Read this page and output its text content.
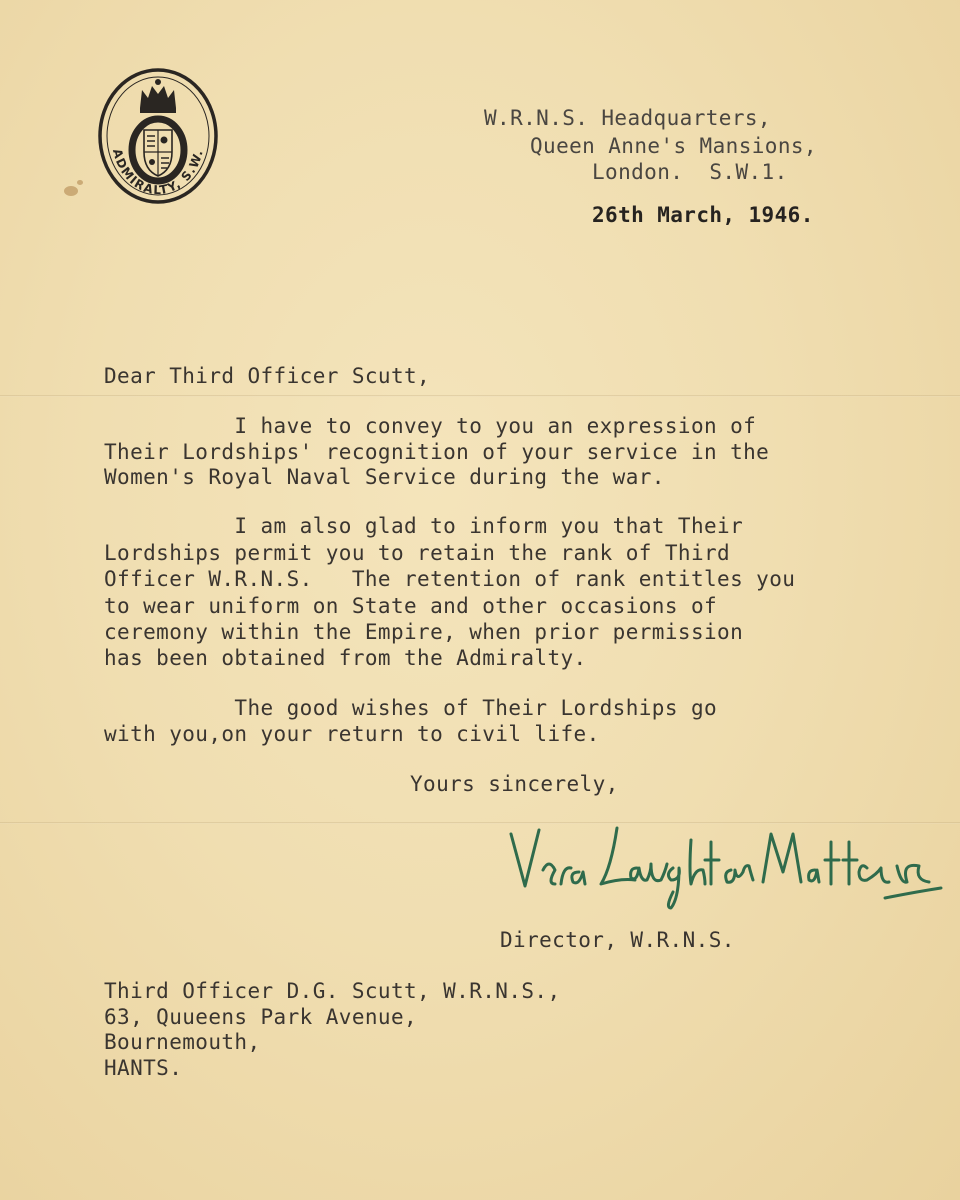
ADMIRALTY, S.W.
W.R.N.S. Headquarters,
Queen Anne's Mansions,
London.  S.W.1.
26th March, 1946.
Dear Third Officer Scutt,
I have to convey to you an expression of
Their Lordships' recognition of your service in the
Women's Royal Naval Service during the war.
I am also glad to inform you that Their
Lordships permit you to retain the rank of Third
Officer W.R.N.S.   The retention of rank entitles you
to wear uniform on State and other occasions of
ceremony within the Empire, when prior permission
has been obtained from the Admiralty.
The good wishes of Their Lordships go
with you,on your return to civil life.
Yours sincerely,
Director, W.R.N.S.
Third Officer D.G. Scutt, W.R.N.S.,
63, Quueens Park Avenue,
Bournemouth,
HANTS.
